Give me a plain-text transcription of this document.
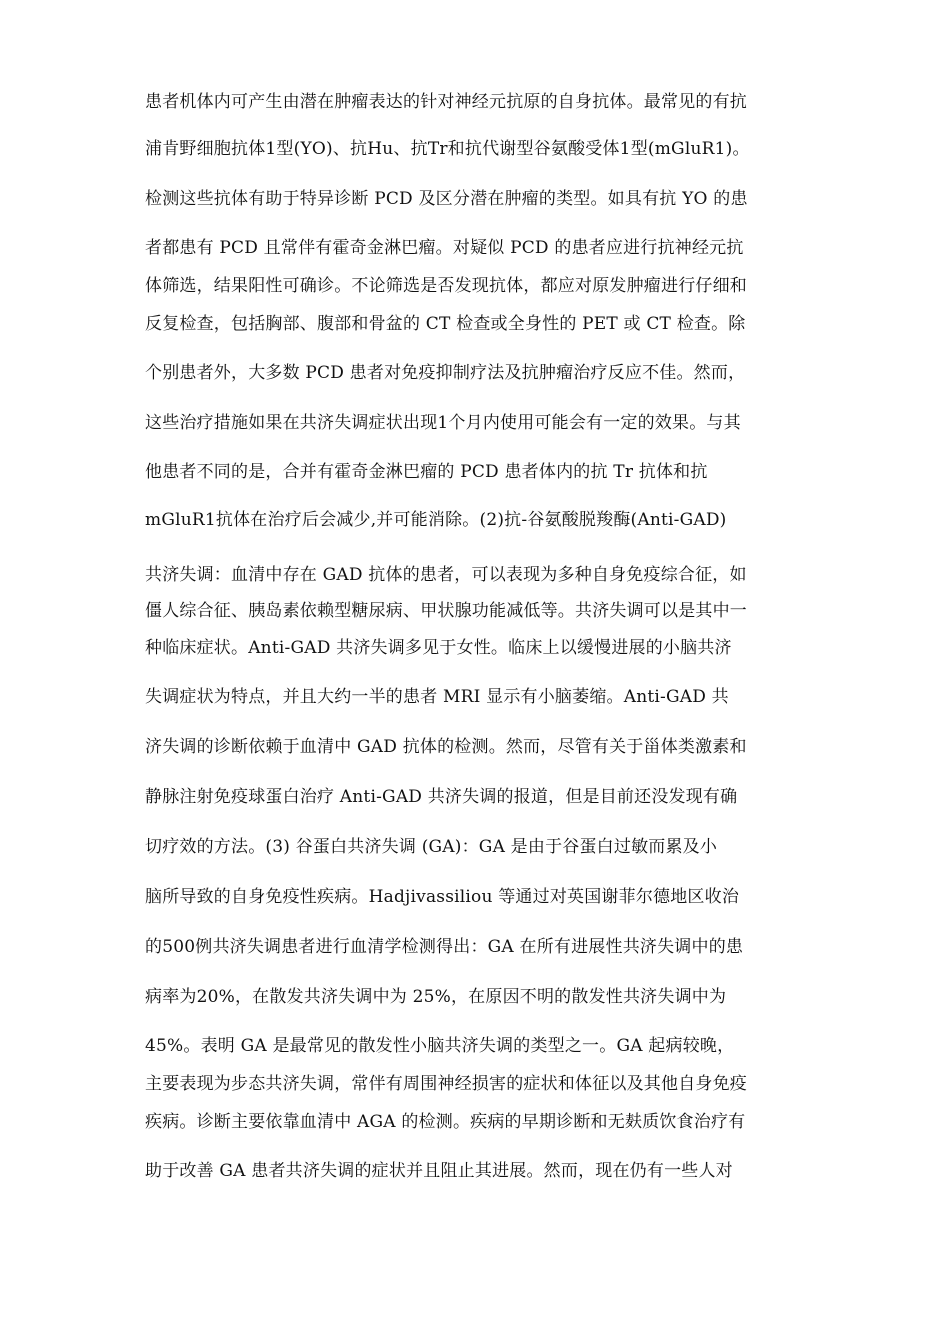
患者机体内可产生由潜在肿瘤表达的针对神经元抗原的自身抗体。最常见的有抗
浦肯野细胞抗体1型(YO)、抗Hu、抗Tr和抗代谢型谷氨酸受体1型(mGluR1)。
检测这些抗体有助于特异诊断 PCD 及区分潜在肿瘤的类型。如具有抗 YO 的患
者都患有 PCD 且常伴有霍奇金淋巴瘤。对疑似 PCD 的患者应进行抗神经元抗
体筛选，结果阳性可确诊。不论筛选是否发现抗体，都应对原发肿瘤进行仔细和
反复检查，包括胸部、腹部和骨盆的 CT 检查或全身性的 PET 或 CT 检查。除
个别患者外，大多数 PCD 患者对免疫抑制疗法及抗肿瘤治疗反应不佳。然而，
这些治疗措施如果在共济失调症状出现1个月内使用可能会有一定的效果。与其
他患者不同的是，合并有霍奇金淋巴瘤的 PCD 患者体内的抗 Tr 抗体和抗
mGluR1抗体在治疗后会减少,并可能消除。(2)抗-谷氨酸脱羧酶(Anti-GAD)
共济失调：血清中存在 GAD 抗体的患者，可以表现为多种自身免疫综合征，如
僵人综合征、胰岛素依赖型糖尿病、甲状腺功能减低等。共济失调可以是其中一
种临床症状。Anti-GAD 共济失调多见于女性。临床上以缓慢进展的小脑共济
失调症状为特点，并且大约一半的患者 MRI 显示有小脑萎缩。Anti-GAD 共
济失调的诊断依赖于血清中 GAD 抗体的检测。然而，尽管有关于甾体类激素和
静脉注射免疫球蛋白治疗 Anti-GAD 共济失调的报道，但是目前还没发现有确
切疗效的方法。(3) 谷蛋白共济失调 (GA)：GA 是由于谷蛋白过敏而累及小
脑所导致的自身免疫性疾病。Hadjivassiliou 等通过对英国谢菲尔德地区收治
的500例共济失调患者进行血清学检测得出：GA 在所有进展性共济失调中的患
病率为20%，在散发共济失调中为 25%，在原因不明的散发性共济失调中为
45%。表明 GA 是最常见的散发性小脑共济失调的类型之一。GA 起病较晚，
主要表现为步态共济失调，常伴有周围神经损害的症状和体征以及其他自身免疫
疾病。诊断主要依靠血清中 AGA 的检测。疾病的早期诊断和无麸质饮食治疗有
助于改善 GA 患者共济失调的症状并且阻止其进展。然而，现在仍有一些人对
